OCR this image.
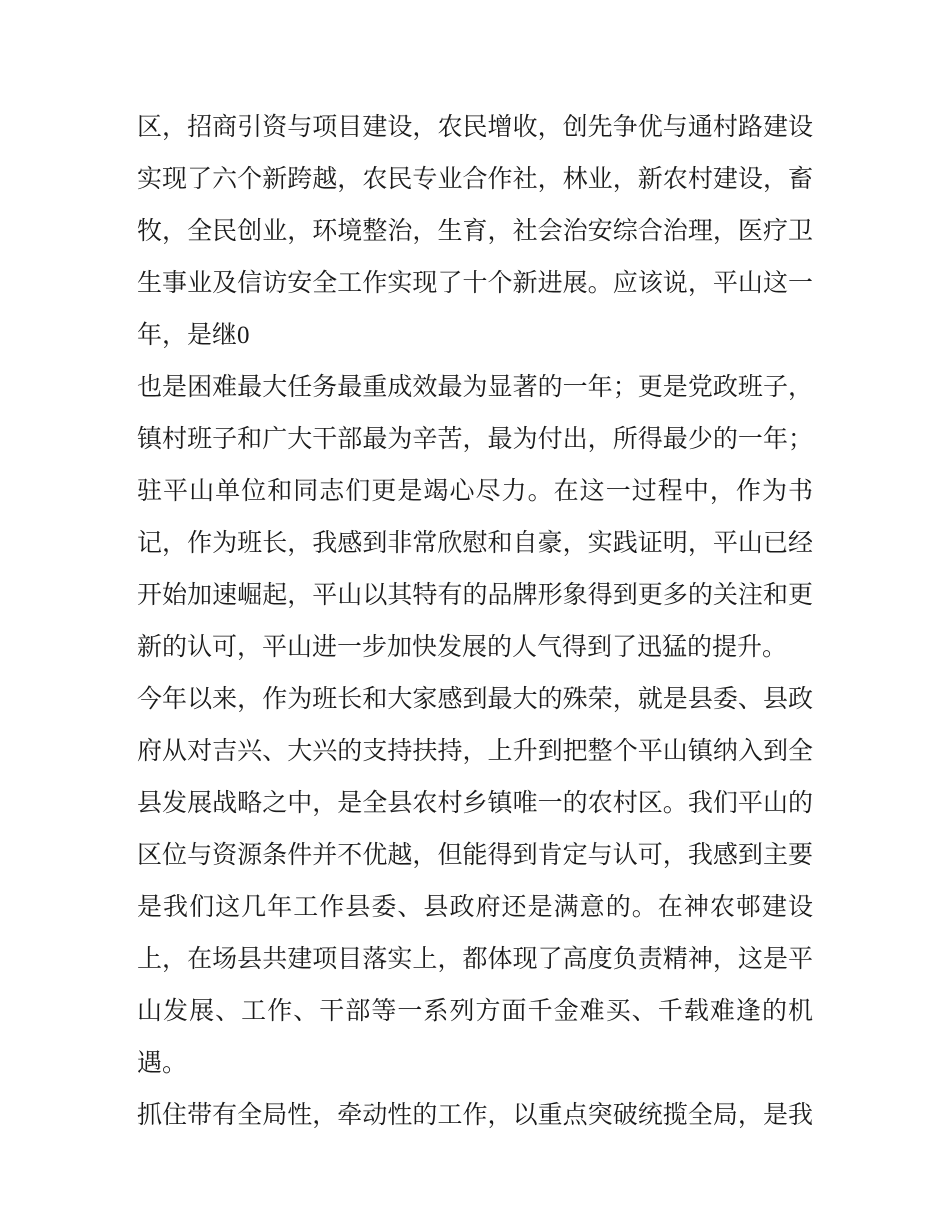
区，招商引资与项目建设，农民增收，创先争优与通村路建设
实现了六个新跨越，农民专业合作社，林业，新农村建设，畜
牧，全民创业，环境整治，生育，社会治安综合治理，医疗卫
生事业及信访安全工作实现了十个新进展。应该说，平山这一
年，是继0
也是困难最大任务最重成效最为显著的一年；更是党政班子，
镇村班子和广大干部最为辛苦，最为付出，所得最少的一年；
驻平山单位和同志们更是竭心尽力。在这一过程中，作为书
记，作为班长，我感到非常欣慰和自豪，实践证明，平山已经
开始加速崛起，平山以其特有的品牌形象得到更多的关注和更
新的认可，平山进一步加快发展的人气得到了迅猛的提升。
今年以来，作为班长和大家感到最大的殊荣，就是县委、县政
府从对吉兴、大兴的支持扶持，上升到把整个平山镇纳入到全
县发展战略之中，是全县农村乡镇唯一的农村区。我们平山的
区位与资源条件并不优越，但能得到肯定与认可，我感到主要
是我们这几年工作县委、县政府还是满意的。在神农邨建设
上，在场县共建项目落实上，都体现了高度负责精神，这是平
山发展、工作、干部等一系列方面千金难买、千载难逢的机
遇。
抓住带有全局性，牵动性的工作，以重点突破统揽全局，是我
